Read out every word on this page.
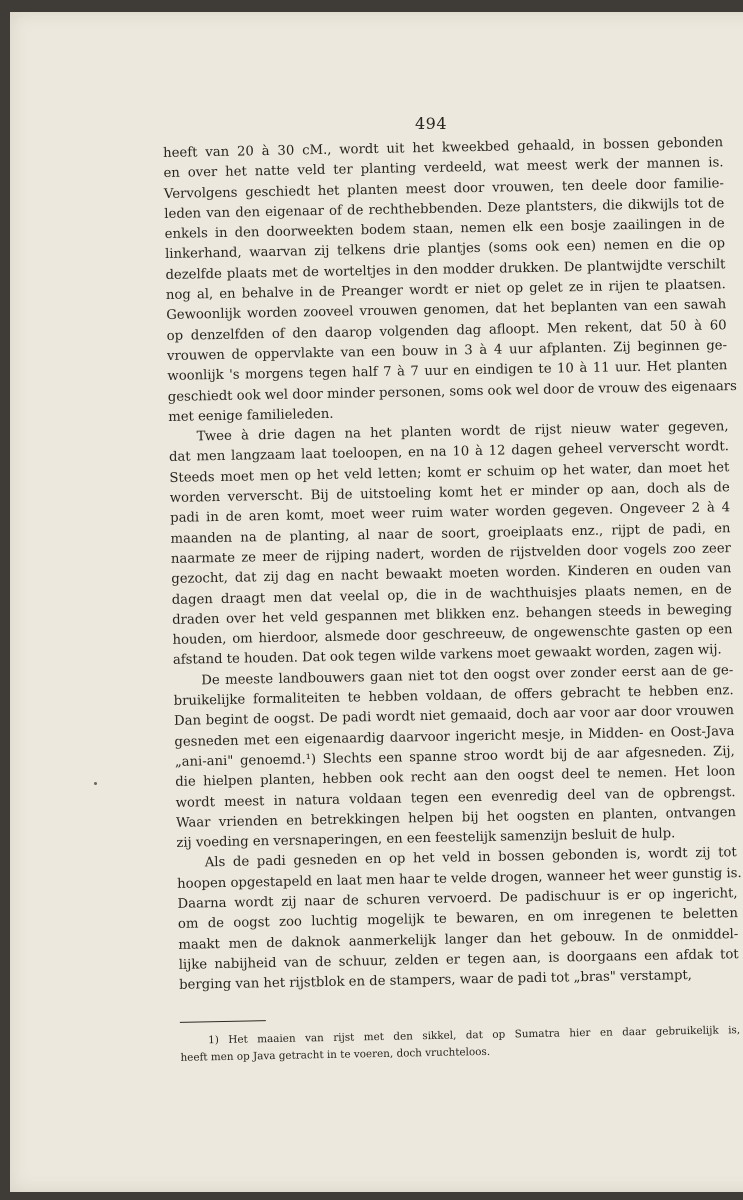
494
heeft van 20 à 30 cM., wordt uit het kweekbed gehaald, in bossen gebonden
en over het natte veld ter planting verdeeld, wat meest werk der mannen is.
Vervolgens geschiedt het planten meest door vrouwen, ten deele door familie-
leden van den eigenaar of de rechthebbenden. Deze plantsters, die dikwijls tot de
enkels in den doorweekten bodem staan, nemen elk een bosje zaailingen in de
linkerhand, waarvan zij telkens drie plantjes (soms ook een) nemen en die op
dezelfde plaats met de worteltjes in den modder drukken. De plantwijdte verschilt
nog al, en behalve in de Preanger wordt er niet op gelet ze in rijen te plaatsen.
Gewoonlijk worden zooveel vrouwen genomen, dat het beplanten van een sawah
op denzelfden of den daarop volgenden dag afloopt. Men rekent, dat 50 à 60
vrouwen de oppervlakte van een bouw in 3 à 4 uur afplanten. Zij beginnen ge-
woonlijk 's morgens tegen half 7 à 7 uur en eindigen te 10 à 11 uur. Het planten
geschiedt ook wel door minder personen, soms ook wel door de vrouw des eigenaars
met eenige familieleden.
Twee à drie dagen na het planten wordt de rijst nieuw water gegeven,
dat men langzaam laat toeloopen, en na 10 à 12 dagen geheel ververscht wordt.
Steeds moet men op het veld letten; komt er schuim op het water, dan moet het
worden ververscht. Bij de uitstoeling komt het er minder op aan, doch als de
padi in de aren komt, moet weer ruim water worden gegeven. Ongeveer 2 à 4
maanden na de planting, al naar de soort, groeiplaats enz., rijpt de padi, en
naarmate ze meer de rijping nadert, worden de rijstvelden door vogels zoo zeer
gezocht, dat zij dag en nacht bewaakt moeten worden. Kinderen en ouden van
dagen draagt men dat veelal op, die in de wachthuisjes plaats nemen, en de
draden over het veld gespannen met blikken enz. behangen steeds in beweging
houden, om hierdoor, alsmede door geschreeuw, de ongewenschte gasten op een
afstand te houden. Dat ook tegen wilde varkens moet gewaakt worden, zagen wij.
De meeste landbouwers gaan niet tot den oogst over zonder eerst aan de ge-
bruikelijke formaliteiten te hebben voldaan, de offers gebracht te hebben enz.
Dan begint de oogst. De padi wordt niet gemaaid, doch aar voor aar door vrouwen
gesneden met een eigenaardig daarvoor ingericht mesje, in Midden- en Oost-Java
„ani-ani" genoemd.¹) Slechts een spanne stroo wordt bij de aar afgesneden. Zij,
die hielpen planten, hebben ook recht aan den oogst deel te nemen. Het loon
wordt meest in natura voldaan tegen een evenredig deel van de opbrengst.
Waar vrienden en betrekkingen helpen bij het oogsten en planten, ontvangen
zij voeding en versnaperingen, en een feestelijk samenzijn besluit de hulp.
Als de padi gesneden en op het veld in bossen gebonden is, wordt zij tot
hoopen opgestapeld en laat men haar te velde drogen, wanneer het weer gunstig is.
Daarna wordt zij naar de schuren vervoerd. De padischuur is er op ingericht,
om de oogst zoo luchtig mogelijk te bewaren, en om inregenen te beletten
maakt men de daknok aanmerkelijk langer dan het gebouw. In de onmiddel-
lijke nabijheid van de schuur, zelden er tegen aan, is doorgaans een afdak tot
berging van het rijstblok en de stampers, waar de padi tot „bras" verstampt,
1) Het maaien van rijst met den sikkel, dat op Sumatra hier en daar gebruikelijk is,
heeft men op Java getracht in te voeren, doch vruchteloos.
